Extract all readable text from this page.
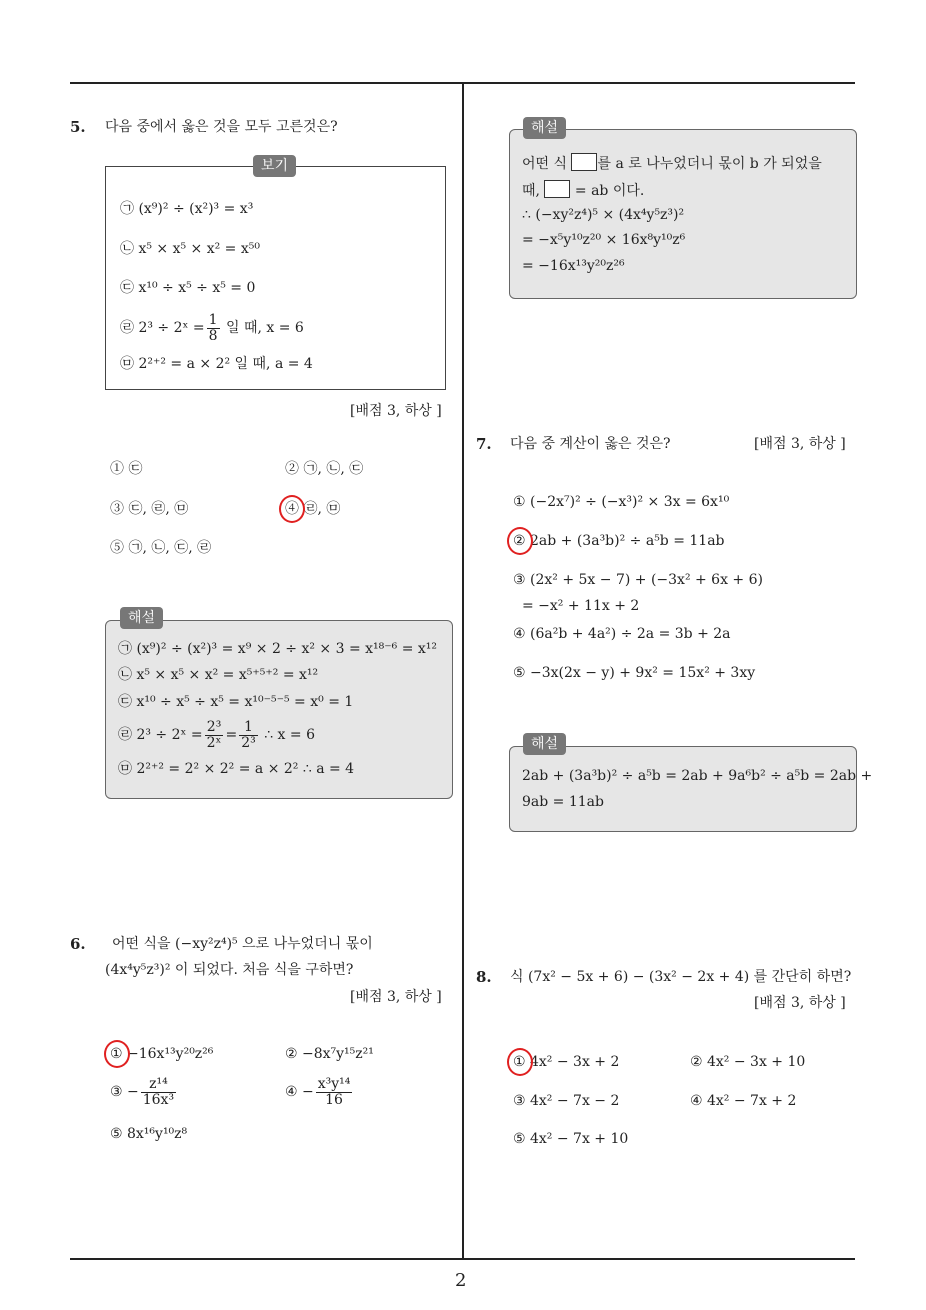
2
5. 다음 중에서 옳은 것을 모두 고른것은?
보기
㉠ (x⁹)² ÷ (x²)³ = x³
㉡ x⁵ × x⁵ × x² = x⁵⁰
㉢ x¹⁰ ÷ x⁵ ÷ x⁵ = 0
㉣ 2³ ÷ 2ˣ = $\frac{1}{8}$ 일 때, x = 6
㉤ 2²⁺² = a × 2² 일 때, a = 4
[배점 3, 하상 ]
① ㉢	② ㉠, ㉡, ㉢
③ ㉢, ㉣, ㉤	④ ㉣, ㉤
⑤ ㉠, ㉡, ㉢, ㉣
해설
㉠ (x⁹)² ÷ (x²)³ = x⁹ × 2 ÷ x² × 3 = x¹⁸⁻⁶ = x¹²
㉡ x⁵ × x⁵ × x² = x⁵⁺⁵⁺² = x¹²
㉢ x¹⁰ ÷ x⁵ ÷ x⁵ = x¹⁰⁻⁵⁻⁵ = x⁰ = 1
㉣ 2³ ÷ 2ˣ = $\frac{\text{2³}}{\text{2ˣ}} = \frac{1}{\text{2³}}$ ∴ x = 6
㉤ 2²⁺² = 2² × 2² = a × 2² ∴ a = 4
6. 어떤 식을 (−xy²z⁴)⁵ 으로 나누었더니 몫이
(4x⁴y⁵z³)² 이 되었다. 처음 식을 구하면?
[배점 3, 하상 ]
① −16x¹³y²⁰z²⁶	② −8x⁷y¹⁵z²¹
③ − $\frac{\text{z¹⁴}}{\text{16x³}}$	④ − $\frac{\text{x³y¹⁴}}{16}$
⑤ 8x¹⁶y¹⁰z⁸
해설
어떤 식 를 a 로 나누었더니 몫이 b 가 되었을
때, = ab 이다.
∴ (−xy²z⁴)⁵ × (4x⁴y⁵z³)²
= −x⁵y¹⁰z²⁰ × 16x⁸y¹⁰z⁶
= −16x¹³y²⁰z²⁶
7. 다음 중 계산이 옳은 것은?	[배점 3, 하상 ]
① (−2x⁷)² ÷ (−x³)² × 3x = 6x¹⁰
② 2ab + (3a³b)² ÷ a⁵b = 11ab
③ (2x² + 5x − 7) + (−3x² + 6x + 6)
= −x² + 11x + 2
④ (6a²b + 4a²) ÷ 2a = 3b + 2a
⑤ −3x(2x − y) + 9x² = 15x² + 3xy
해설
2ab + (3a³b)² ÷ a⁵b = 2ab + 9a⁶b² ÷ a⁵b = 2ab +
9ab = 11ab
8. 식 (7x² − 5x + 6) − (3x² − 2x + 4) 를 간단히 하면?
[배점 3, 하상 ]
① 4x² − 3x + 2	② 4x² − 3x + 10
③ 4x² − 7x − 2	④ 4x² − 7x + 2
⑤ 4x² − 7x + 10
